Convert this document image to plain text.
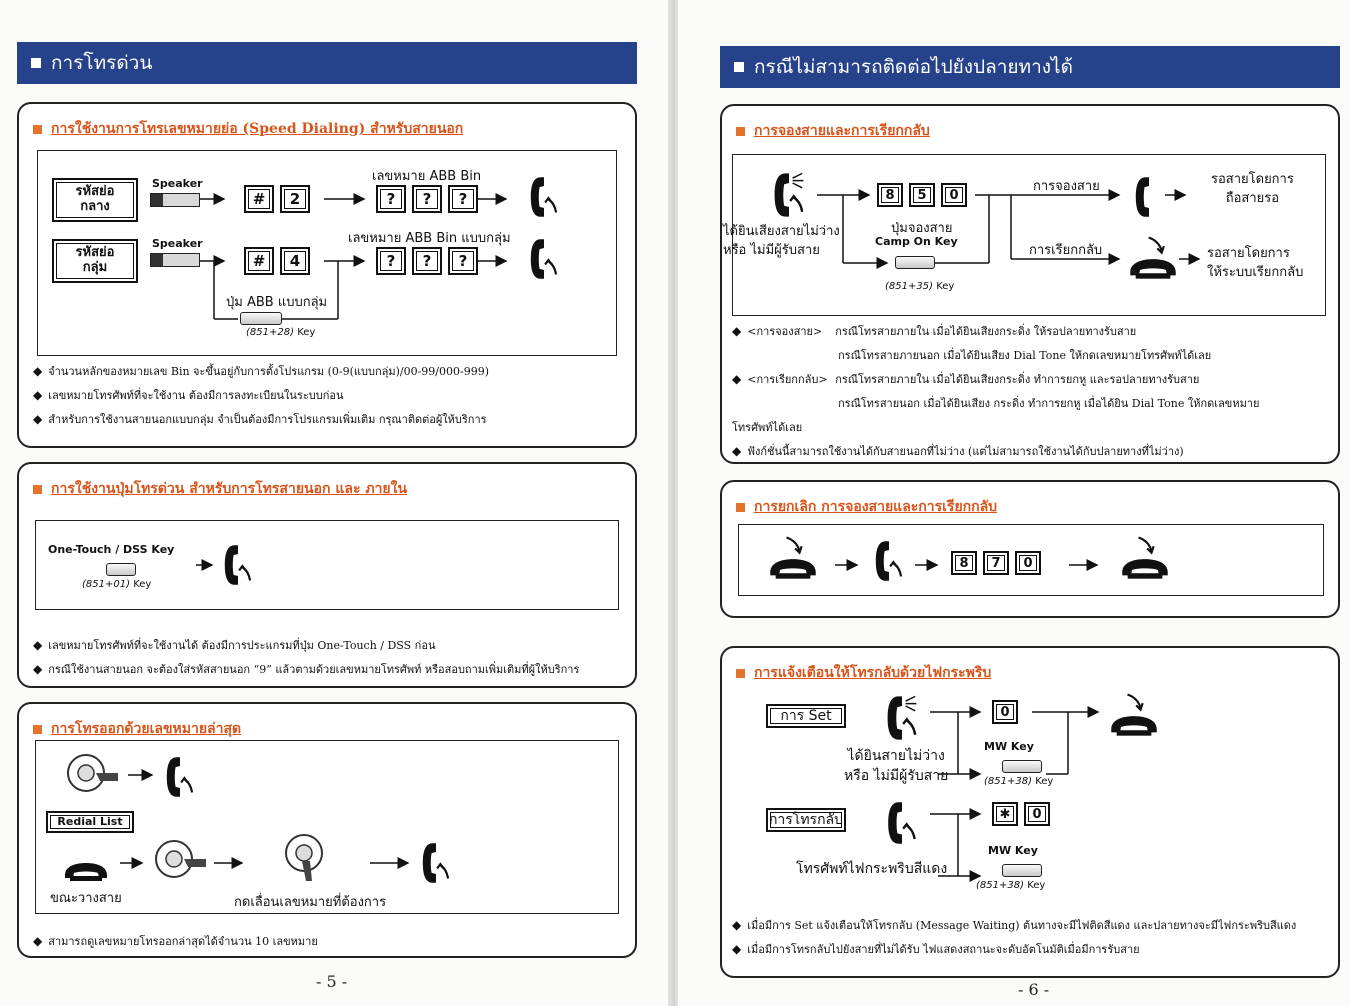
การโทรด่วน
การใช้งานการโทรเลขหมายย่อ (Speed Dialing) สำหรับสายนอก
รหัสย่อ
กลาง
Speaker
#	2
เลขหมาย ABB Bin
?	?	?
รหัสย่อ
กลุ่ม
Speaker
#	4
เลขหมาย ABB Bin แบบกลุ่ม
?	?	?
ปุ่ม ABB แบบกลุ่ม
(851+28) Key
◆ จำนวนหลักของหมายเลข Bin จะขึ้นอยู่กับการตั้งโปรแกรม (0-9(แบบกลุ่ม)/00-99/000-999)
◆ เลขหมายโทรศัพท์ที่จะใช้งาน ต้องมีการลงทะเบียนในระบบก่อน
◆ สำหรับการใช้งานสายนอกแบบกลุ่ม จำเป็นต้องมีการโปรแกรมเพิ่มเติม กรุณาติดต่อผู้ให้บริการ
การใช้งานปุ่มโทรด่วน สำหรับการโทรสายนอก และ ภายใน
One-Touch / DSS Key
(851+01) Key
◆ เลขหมายโทรศัพท์ที่จะใช้งานได้ ต้องมีการประแกรมที่ปุ่ม One-Touch / DSS ก่อน
◆ กรณีใช้งานสายนอก จะต้องใส่รหัสสายนอก “9” แล้วตามด้วยเลขหมายโทรศัพท์ หรือสอบถามเพิ่มเติมที่ผู้ให้บริการ
การโทรออกด้วยเลขหมายล่าสุด
Redial List
ขณะวางสาย	กดเลื่อนเลขหมายที่ต้องการ
◆ สามารถดูเลขหมายโทรออกล่าสุดได้จำนวน 10 เลขหมาย
- 5 -
กรณีไม่สามารถติดต่อไปยังปลายทางได้
การจองสายและการเรียกกลับ
ได้ยินเสียงสายไม่ว่าง
หรือ ไม่มีผู้รับสาย
8	5	0
ปุ่มจองสาย
Camp On Key
(851+35) Key
การจองสาย
การเรียกกลับ
รอสายโดยการ
ถือสายรอ
รอสายโดยการ
ให้ระบบเรียกกลับ
◆ <การจองสาย> กรณีโทรสายภายใน เมื่อได้ยินเสียงกระดิ่ง ให้รอปลายทางรับสาย
กรณีโทรสายภายนอก เมื่อได้ยินเสียง Dial Tone ให้กดเลขหมายโทรศัพท์ได้เลย
◆ <การเรียกกลับ> กรณีโทรสายภายใน เมื่อได้ยินเสียงกระดิ่ง ทำการยกหู และรอปลายทางรับสาย
กรณีโทรสายนอก เมื่อได้ยินเสียง กระดิ่ง ทำการยกหู เมื่อได้ยิน Dial Tone ให้กดเลขหมาย
โทรศัพท์ได้เลย
◆ ฟังก์ชั่นนี้สามารถใช้งานได้กับสายนอกที่ไม่ว่าง (แต่ไม่สามารถใช้งานได้กับปลายทางที่ไม่ว่าง)
การยกเลิก การจองสายและการเรียกกลับ
8	7	0
การแจ้งเตือนให้โทรกลับด้วยไฟกระพริบ
การ Set
ได้ยินสายไม่ว่าง
หรือ ไม่มีผู้รับสาย
0
MW Key
(851+38) Key
การโทรกลับ
โทรศัพท์ไฟกระพริบสีแดง
✱	0
MW Key
(851+38) Key
◆ เมื่อมีการ Set แจ้งเตือนให้โทรกลับ (Message Waiting) ต้นทางจะมีไฟติดสีแดง และปลายทางจะมีไฟกระพริบสีแดง
◆ เมื่อมีการโทรกลับไปยังสายที่ไม่ได้รับ ไฟแสดงสถานะจะดับอัตโนมัติเมื่อมีการรับสาย
- 6 -
